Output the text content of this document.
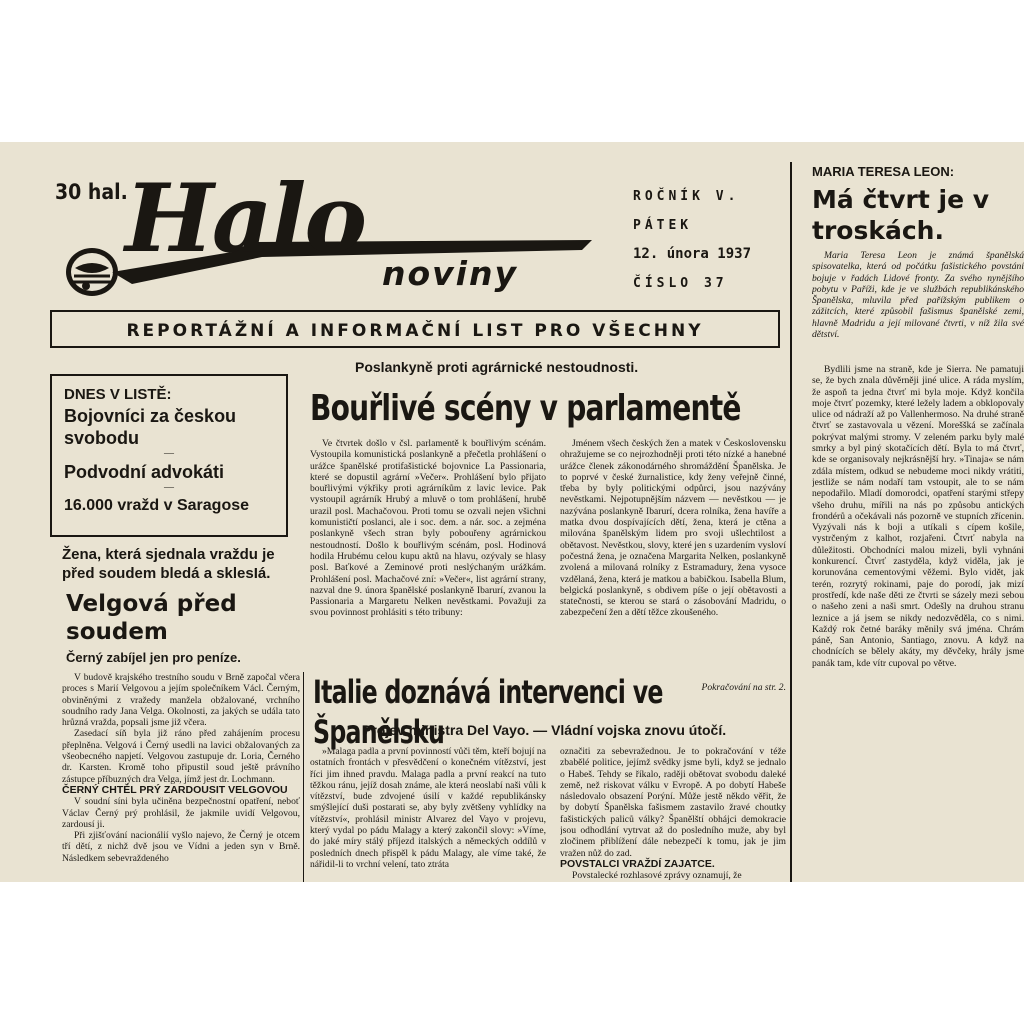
30 hal.
Halo noviny
ROČNÍK V.
PÁTEK
12. února 1937
ČÍSLO 37
REPORTÁŽNÍ A INFORMAČNÍ LIST PRO VŠECHNY
DNES V LISTĚ:
Bojovníci za českou svobodu
—
Podvodní advokáti
—
16.000 vražd v Saragose
Žena, která sjednala vraždu je před soudem bledá a sklesIá.
Velgová před soudem
Černý zabíjel jen pro peníze.

V budově krajského trestního soudu v Brně započal včera proces s Marií Velgovou a jejím společníkem Václ. Černým, obviněnými z vražedy manžela obžalované, vrchního soudního rady Jana Velga. Okolnosti, za jakých se udála tato hrůzná vražda, popsali jsme již včera.

Zasedací síň byla již ráno před zahájením procesu přeplněna. Velgová i Černý usedli na lavici obžalovaných za všeobecného napjetí. Velgovou zastupuje dr. Loria, Černého dr. Karsten. Kromě toho připustil soud ještě právního zástupce příbuzných dra Velga, jímž jest dr. Lochmann.

ČERNÝ CHTĚL PRÝ ZARDOUSIT VELGOVOU

V soudní síni byla učiněna bezpečnostní opatření, neboť Václav Černý prý prohlásil, že jakmile uvidí Velgovou, zardousí ji.

Při zjišťování nacionálií vyšlo najevo, že Černý je otcem tří dětí, z nichž dvě jsou ve Vídni a jeden syn v Brně. Následkem sebevraždeného

Poslankyně proti agrárnické nestoudnosti.
Bouřlivé scény v parlamentě

Ve čtvrtek došlo v čsl. parlamentě k bouřlivým scénám. Vystoupila komunistická poslankyně a přečetla prohlášení o urážce španělské protifašistické bojovnice La Passionaria, které se dopustil agrární »Večer«. Prohlášení bylo přijato bouřlivými výkřiky proti agrárníkům z lavic levice. Pak vystoupil agrárník Hrubý a mluvě o tom prohlášení, hrubě urazil posl. Machačovou. Proti tomu se ozvali nejen všichni komunističtí poslanci, ale i soc. dem. a nár. soc. a zejména poslankyně všech stran byly pobouřeny agrárnickou nestoudností. Došlo k bouřlivým scénám, posl. Hodinová hodila Hrubému celou kupu aktů na hlavu, ozývaly se hlasy posl. Baťkové a Zeminové proti neslýchaným urážkám. Prohlášení posl. Machačové zní: »Večer«, list agrární strany, nazval dne 9. února španělské poslankyně Ibarurí, zvanou la Passionaria a Margaretu Nelken nevěstkami. Považuji za svou povinnost prohlásiti s této tribuny:

Jménem všech českých žen a matek v Československu ohražujeme se co nejrozhodněji proti této nízké a hanebné urážce členek zákonodárného shromáždění Španělska. Je to poprvé v české žurnalistice, kdy ženy veřejně činné, třeba by byly politickými odpůrci, jsou nazývány nevěstkami. Nejpotupnějším názvem — nevěstkou — je nazývána poslankyně Ibarurí, dcera rolníka, žena havíře a matka dvou dospívajících dětí, žena, která je ctěna a milována španělským lidem pro svoji ušlechtilost a obětavost. Nevěstkou, slovy, které jen s uzardením vysloví počestná žena, je označena Margarita Nelken, poslankyně zvolená a milovaná rolníky z Estramadury, žena vysoce vzdělaná, žena, která je matkou a babičkou. Isabella Blum, belgická poslankyně, s obdivem píše o její obětavosti a statečnosti, se kterou se stará o zásobování Madridu, o zabezpečení žen a dětí těžce zkoušeného.

Pokračování na str. 2.
Italie doznává intervenci ve Španělsku
Projev ministra Del Vayo. — Vládní vojska znovu útočí.

»Malaga padla a první povinností vůči těm, kteří bojují na ostatních frontách v přesvědčení o konečném vítězství, jest říci jim ihned pravdu. Malaga padla a první reakcí na tuto těžkou ránu, jejíž dosah známe, ale která neoslabí naši vůli k vítězství, bude zdvojené úsilí v každé republikánsky smýšlející duši postarati se, aby byly zvětšeny vyhlídky na vítězství«, prohlásil ministr Alvarez del Vayo v projevu, který vydal po pádu Malagy a který zakončil slovy: »Víme, do jaké míry stálý příjezd italských a německých oddílů v posledních dnech přispěl k pádu Malagy, ale víme také, že nářidil-li to vrchní velení, tato ztráta

označiti za sebevražednou. Je to pokračování v téže zbabělé politice, jejímž svědky jsme byli, když se jednalo o Habeš. Tehdy se říkalo, raději obětovat svobodu daleké země, než riskovat válku v Evropě. A po dobytí Habeše následovalo obsazení Porýní. Může jestě někdo věřit, že by dobytí Španělska fašismem zastavilo žravé choutky fašistických paliců války? Španělští obhájci demokracie jsou odhodlání vytrvat až do posledního muže, aby byl zločinem přiblížení dále nebezpečí k tomu, jak je jim vražen nůž do zad.

POVSTALCI VRAŽDÍ ZAJATCE.

Povstalecké rozhlasové zprávy oznamují, že

MARIA TERESA LEON:
Má čtvrt je v troskách.

Maria Teresa Leon je známá španělská spisovatelka, která od počátku fašistického povstání bojuje v řadách Lidové fronty. Za svého nynějšího pobytu v Paříži, kde je ve službách republikánského Španělska, mluvila před pařížským publikem o zážitcích, které způsobil fašismus španělské zemi, hlavně Madridu a její milované čtvrti, v níž žila své dětství.

Bydlili jsme na straně, kde je Sierra. Ne pamatuji se, že bych znala důvěrněji jiné ulice. A ráda myslím, že aspoň ta jedna čtvrť mi byla moje. Když končila moje čtvrť pozemky, které ležely ladem a obklopovaly ulice od nádraží až po Vallenhermoso. Na druhé straně čtvrť se zastavovala u vězení. Moreššká se začínala pokrývat malými stromy. V zeleném parku byly malé smrky a byl piný skotačících dětí. Byla to má čtvrť, kde se organisovaly nejkrásnější hry. »Tinaja« se nám zdála místem, odkud se nebudeme moci nikdy vrátiti, jestliže se nám nodaří tam vstoupit, ale to se nám nepodařilo. Mladí domorodci, opatření starými střepy všeho druhu, mířili na nás po způsobu antických frondérů a očekávali nás pozorně ve stupních zřícenin. Vyzývali nás k boji a utíkali s cípem košile, vystrčeným z kalhot, rozjařeni. Čtvrť nabyla na důležitosti. Obchodníci malou mizeli, byli vyhnáni konkurencí. Čtvrť zastyděla, když viděla, jak je korunována cementovými věžemi. Bylo vidět, jak terén, rozrytý rokinami, paje do porodí, jak mizí prostředí, kde naše děti ze čtvrti se sázely mezi sebou o našeho zeni a naši smrt. Odešly na druhou stranu leznice a já jsem se nikdy nedozvěděla, co s nimi. Každý rok četné baráky měnily svá jména. Chrám páně, San Antonio, Santiago, znovu. A když na chodnících se bělely akáty, my děvčeky, hrály jsme panák tam, kde vítr cupoval po větve.
